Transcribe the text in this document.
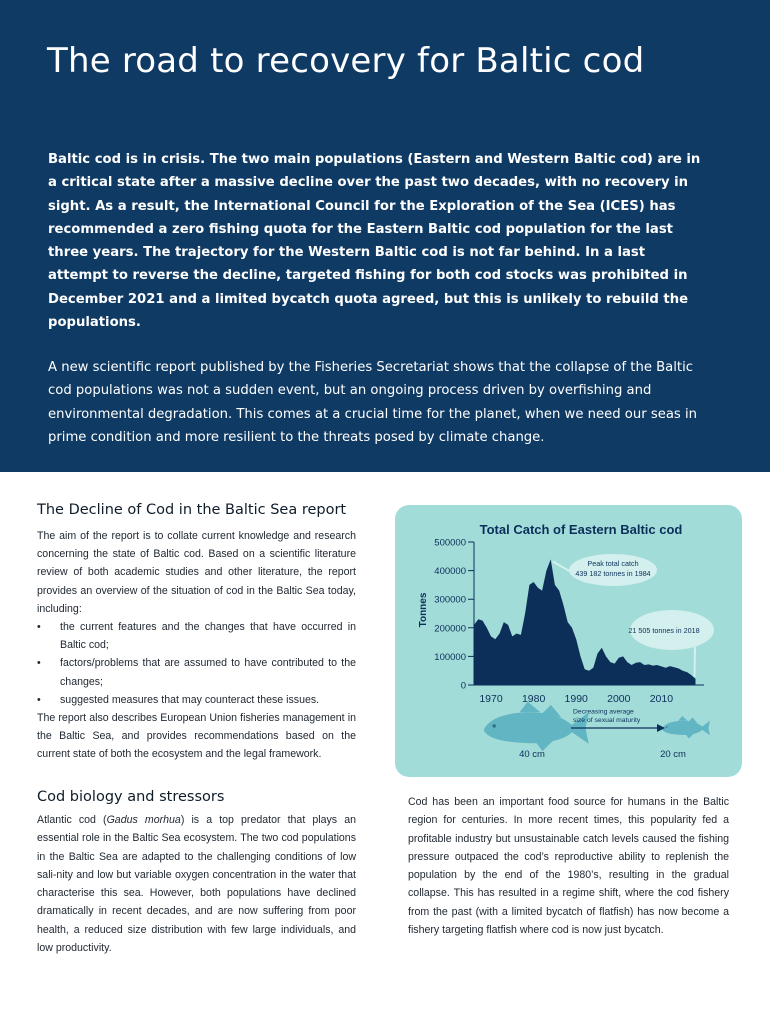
The road to recovery for Baltic cod

Baltic cod is in crisis. The two main populations (Eastern and Western Baltic cod) are in a critical state after a massive decline over the past two decades, with no recovery in sight. As a result, the International Council for the Exploration of the Sea (ICES) has recommended a zero fishing quota for the Eastern Baltic cod population for the last three years. The trajectory for the Western Baltic cod is not far behind. In a last attempt to reverse the decline, targeted fishing for both cod stocks was prohibited in December 2021 and a limited bycatch quota agreed, but this is unlikely to rebuild the populations.

A new scientific report published by the Fisheries Secretariat shows that the collapse of the Baltic cod populations was not a sudden event, but an ongoing process driven by overfishing and environmental degradation. This comes at a crucial time for the planet, when we need our seas in prime condition and more resilient to the threats posed by climate change.

The Decline of Cod in the Baltic Sea report

The aim of the report is to collate current knowledge and research concerning the state of Baltic cod. Based on a scientific literature review of both academic studies and other literature, the report provides an overview of the situation of cod in the Baltic Sea today, including:

• the current features and the changes that have occurred in Baltic cod;
• factors/problems that are assumed to have contributed to the changes;
• suggested measures that may counteract these issues.

The report also describes European Union fisheries management in the Baltic Sea, and provides recommendations based on the current state of both the ecosystem and the legal framework.

Cod biology and stressors

Atlantic cod (Gadus morhua) is a top predator that plays an essential role in the Baltic Sea ecosystem. The two cod populations in the Baltic Sea are adapted to the challenging conditions of low sali-nity and low but variable oxygen concentration in the water that characterise this sea. However, both populations have declined dramatically in recent decades, and are now suffering from poor health, a reduced size distribution with few large individuals, and low productivity.

Cod has been an important food source for humans in the Baltic region for centuries. In more recent times, this popularity fed a profitable industry but unsustainable catch levels caused the fishing pressure outpaced the cod’s reproductive ability to replenish the population by the end of the 1980’s, resulting in the gradual collapse. This has resulted in a regime shift, where the cod fishery from the past (with a limited bycatch of flatfish) has now become a fishery targeting flatfish where cod is now just bycatch.

Total Catch of Eastern Baltic cod
Tonnes
0
100000
200000
300000
400000
500000
1970 1980 1990 2000 2010
Peak total catch
439 182 tonnes in 1984
21 505 tonnes in 2018
Decreasing average
size of sexual maturity
40 cm	20 cm
